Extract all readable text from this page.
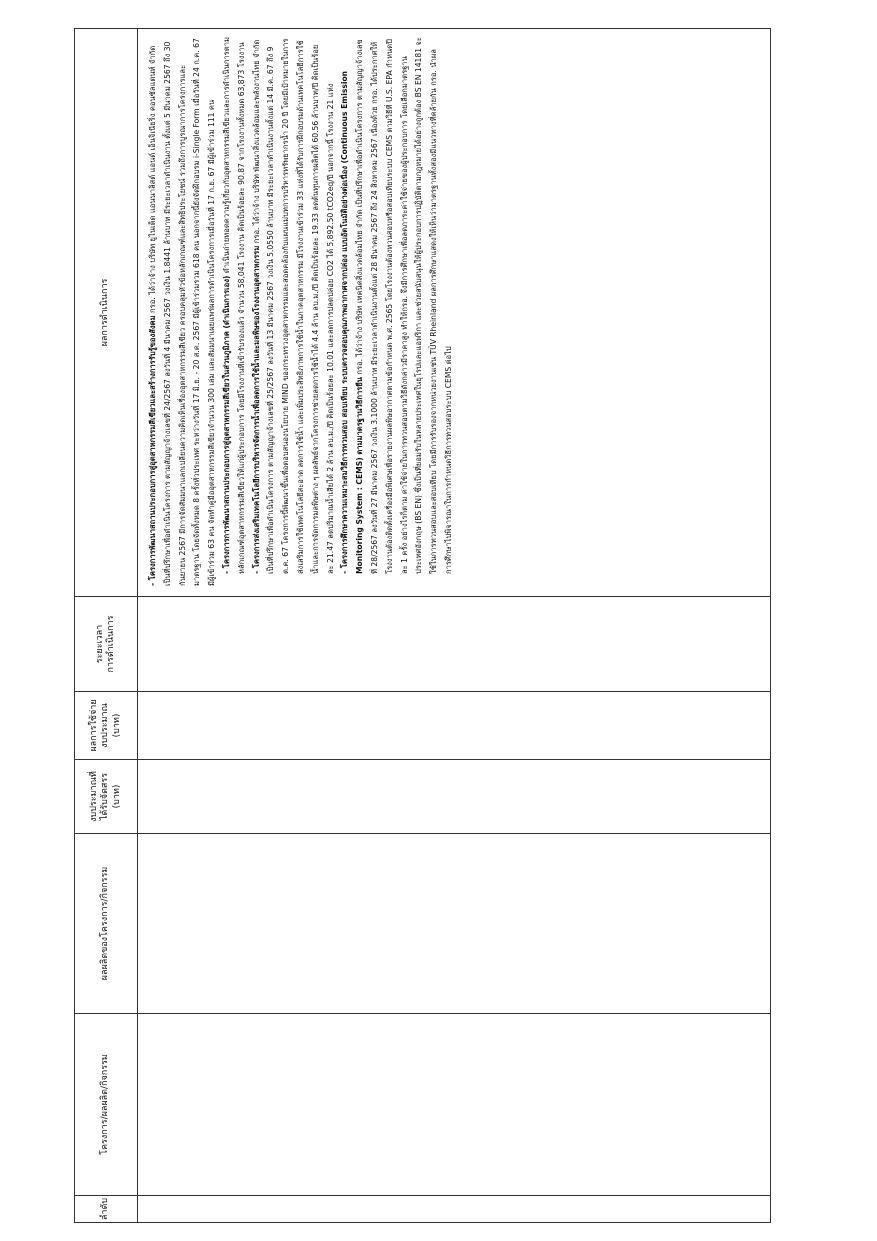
ลำดับ	โครงการ/ผลผลิต/กิจกรรม	ผลผลิตของโครงการ/กิจกรรม	งบประมาณที่ ได้รับจัดสรร (บาท)	ผลการใช้จ่าย งบประมาณ (บาท)	ระยะเวลา การดำเนินการ	ผลการดำเนินการ

						- โครงการพัฒนาสถานประกอบการสู่อุตสาหกรรมสีเขียวและสร้างการรับรู้ของสังคม กรอ. ได้ว่าจ้าง บริษัท ยูไนเต็ด แอนนาลิสต์ แอนด์ เอ็นจิเนียริ่ง คอนซัลแตนท์ จำกัด เป็นที่ปรึกษาเพื่อดำเนินโครงการ ตามสัญญาจ้างเลขที่ 24/2567 ลงวันที่ 4 มีนาคม 2567 วงเงิน 1.8441 ล้านบาท มีระยะเวลาดำเนินงาน ตั้งแต่ 5 มีนาคม 2567 ถึง 30 กันยายน 2567 มีการจัดสัมมนาแลกเปลี่ยนความคิดเห็นเรื่องอุตสาหกรรมสีเขียว ครอบคลุมหัวข้อหลักเกณฑ์และสิทธิประโยชน์ รวมถึงการบูรณาการโครงการและมาตรฐาน โดยจัดทั้งหมด 8 ครั้งทั่วประเทศ ระหว่างวันที่ 17 มิ.ย. - 20 ส.ค. 2567 มีผู้เข้าร่วมรวม 618 คน นอกจากนี้ยังจัดฝึกอบรม i-Single Form เมื่อวันที่ 24 ก.ค. 67 มีผู้เข้าร่วม 63 คน จัดทำคู่มืออุตสาหกรรมสีเขียวจำนวน 300 เล่ม และสัมมนาเผยแพร่ผลการดำเนินโครงการเมื่อวันที่ 17 ก.ย. 67 มีผู้เข้าร่วม 111 คน - โครงการการพัฒนาสถานประกอบการสู่อุตสาหกรรมสีเขียวในส่วนภูมิภาค (ดำเนินการเอง) ดำเนินถ่ายทอดความรู้เกี่ยวกับอุตสาหกรรมสีเขียวและการดำเนินการตามหลักเกณฑ์อุตสาหกรรมสีเขียวให้แก่ผู้ประกอบการ โดยมีโรงงานที่เข้ารับรองแล้ว จำนวน 58,041 โรงงาน คิดเป็นร้อยละ 90.87 จากโรงงานทั้งหมด 63,873 โรงงาน - โครงการส่งเสริมเทคโนโลยีการบริหารจัดการน้ำเพื่อลดการใช้น้ำและมลพิษของโรงงานอุตสาหกรรม กรอ. ได้ว่าจ้าง บริษัท พัฒนาสิ่งแวดล้อมและพลังงานไทย จำกัด เป็นที่ปรึกษาเพื่อดำเนินโครงการ ตามสัญญาจ้างเลขที่ 25/2567 ลงวันที่ 13 มีนาคม 2567 วงเงิน 5.0550 ล้านบาท มีระยะเวลาดำเนินงานตั้งแต่ 14 มี.ค. 67 ถึง 9 ต.ค. 67 โครงการนี้พัฒนาขึ้นเพื่อตอบสนองนโยบาย MIND ของกระทรวงอุตสาหกรรมและสอดคล้องกับแผนแม่บทการบริหารทรัพยากรน้ำ 20 ปี โดยมีเป้าหมายในการส่งเสริมการใช้เทคโนโลยีสะอาด ลดการใช้น้ำ และเพิ่มประสิทธิภาพการใช้น้ำในภาคอุตสาหกรรม มีโรงงานเข้าร่วม 33 แห่งที่ได้รับการฝึกอบรมด้านเทคโนโลยีการใช้น้ำและการจัดการมลพิษต่าง ๆ ผลลัพธ์จากโครงการช่วยลดการใช้น้ำได้ 4.4 ล้าน ลบ.ม./ปี คิดเป็นร้อยละ 19.33 ลดต้นทุนการผลิตได้ 60.56 ล้านบาท/ปี คิดเป็นร้อยละ 21.47 ลดปริมาณน้ำเสียได้ 2 ล้าน ลบ.ม./ปี คิดเป็นร้อยละ 10.01 และลดการปลดปล่อย CO2 ได้ 5,892.50 tCO2eq/ปี นอกจากนี้ โรงงาน 21 แห่ง - โครงการศึกษาความเหมาะสมวิธีการทวนสอบ สอบเทียบ ระบบตรวจสอบคุณภาพอากาศจากปล่อง แบบอัตโนมัติอย่างต่อเนื่อง (Continuous Emission Monitoring System : CEMS) ตามมาตรฐานวิธีการยืน กรอ. ได้ว่าจ้าง บริษัท เทคนิคสิ่งแวดล้อมไทย จำกัด เป็นที่ปรึกษาเพื่อดำเนินโครงการ ตามสัญญาจ้างเลขที่ 28/2567 ลงวันที่ 27 มีนาคม 2567 วงเงิน 3.1000 ล้านบาท มีระยะเวลาดำเนินงานตั้งแต่ 28 มีนาคม 2567 ถึง 24 สิงหาคม 2567 เนื่องด้วย กรอ. ได้ประกาศให้โรงงานต้องติดตั้งเครื่องมือพิเศษเพื่อรายงานผลพิษอากาศตามข้อกำหนด พ.ศ. 2565 โดยโรงงานต้องทวนสอบหรือสอบเทียบระบบ CEMS ตามวิธีที่ U.S. EPA กำหนดปีละ 1 ครั้ง อย่างไรก็ตาม ค่าใช้จ่ายในการทวนสอบตามวิธีดังกล่าวมีราคาสูง ทำให้กรอ. จึงมีการศึกษาเพื่อลดภาระค่าใช้จ่ายของผู้ประกอบการ โดยเลือกมาตรฐานประเทศอังกฤษ (BS EN) ซึ่งเป็นที่ยอมรับในหลายประเทศในยุโรปและแอฟริกา และช่วยสนับสนุนให้ผู้ประกอบการปฏิบัติตามกฎหมายได้อย่างถูกต้อง BS EN 14181 จะใช้ในการทวนสอบและสอบเทียบ โดยมีการรับรองจากหน่วยงานเช่น TÜV Rheinland ผลการศึกษาแสดงให้เห็นว่ามาตรฐานทั้งสองมีแนวทางที่คล้ายกัน กรอ. นำผลการศึกษาไปพิจารณาในการกำหนดวิธีการทวนสอบระบบ CEMS ต่อไป
